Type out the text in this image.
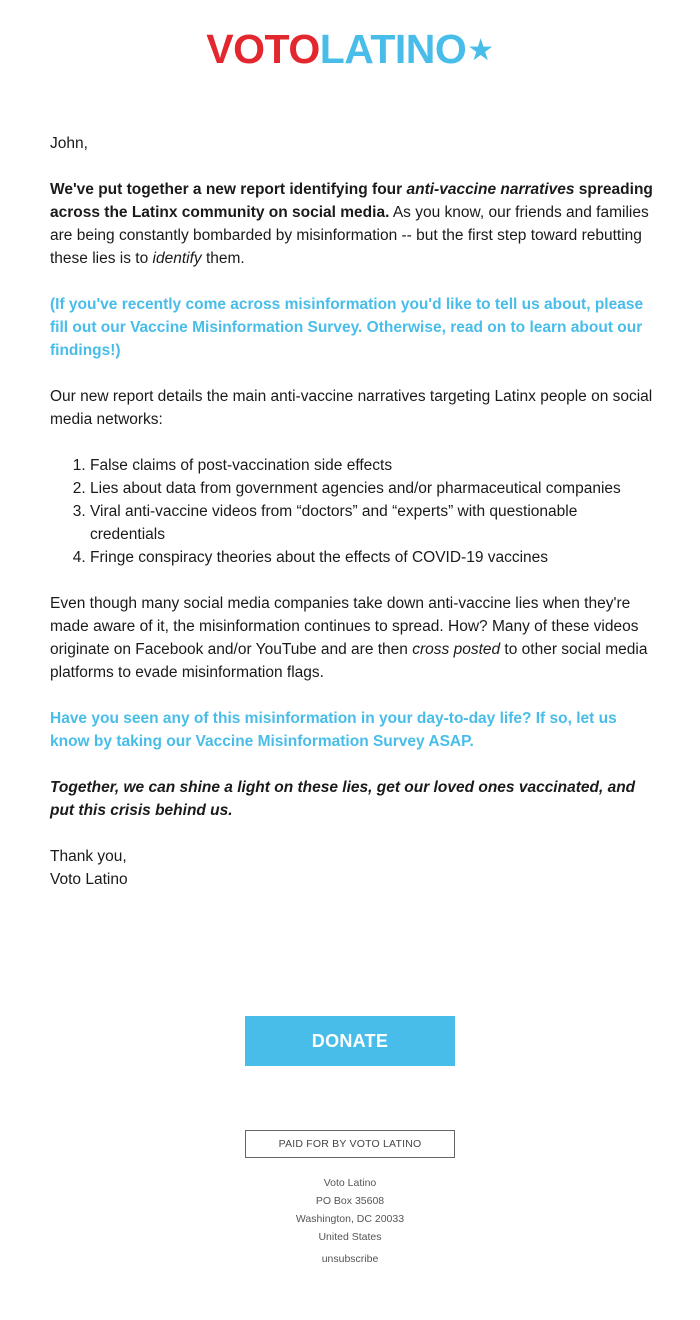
VOTOLATINO★

John,

We've put together a new report identifying four anti-vaccine narratives spreading across the Latinx community on social media. As you know, our friends and families are being constantly bombarded by misinformation -- but the first step toward rebutting these lies is to identify them.

(If you've recently come across misinformation you'd like to tell us about, please fill out our Vaccine Misinformation Survey. Otherwise, read on to learn about our findings!)

Our new report details the main anti-vaccine narratives targeting Latinx people on social media networks:

1. False claims of post-vaccination side effects
2. Lies about data from government agencies and/or pharmaceutical companies
3. Viral anti-vaccine videos from “doctors” and “experts” with questionable credentials
4. Fringe conspiracy theories about the effects of COVID-19 vaccines

Even though many social media companies take down anti-vaccine lies when they're made aware of it, the misinformation continues to spread. How? Many of these videos originate on Facebook and/or YouTube and are then cross posted to other social media platforms to evade misinformation flags.

Have you seen any of this misinformation in your day-to-day life? If so, let us know by taking our Vaccine Misinformation Survey ASAP.

Together, we can shine a light on these lies, get our loved ones vaccinated, and put this crisis behind us.

Thank you,
Voto Latino

DONATE
PAID FOR BY VOTO LATINO
Voto Latino
PO Box 35608
Washington, DC 20033
United States
unsubscribe
